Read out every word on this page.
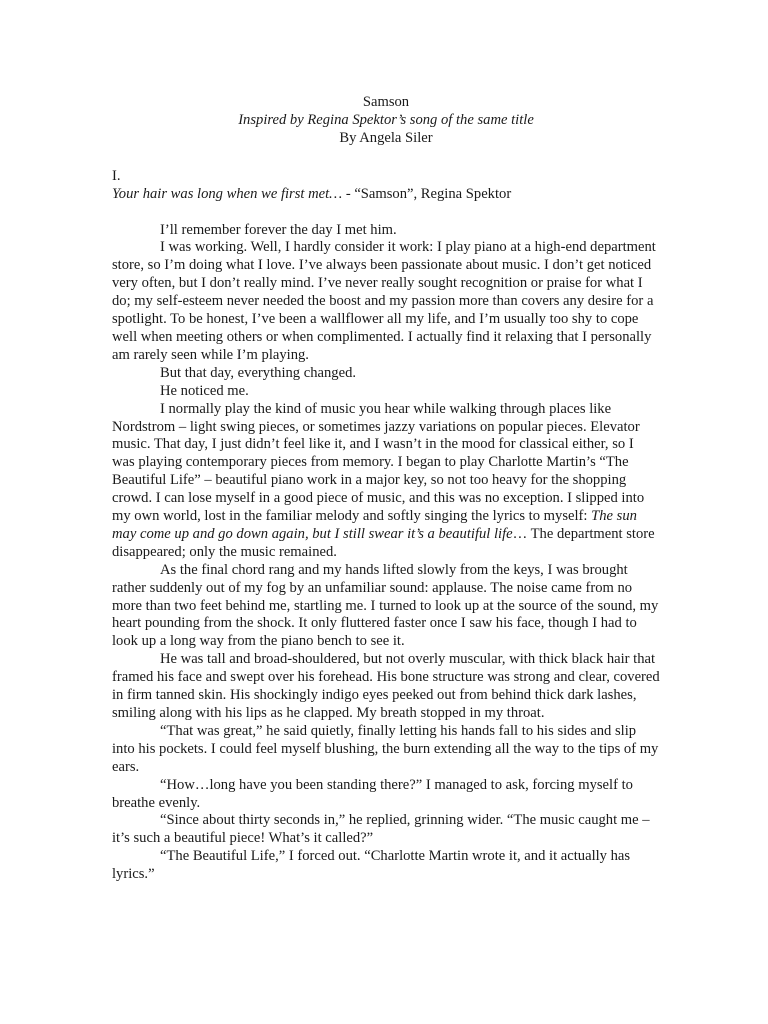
Samson
Inspired by Regina Spektor’s song of the same title
By Angela Siler
I.
Your hair was long when we first met… - “Samson”, Regina Spektor

I’ll remember forever the day I met him.

I was working. Well, I hardly consider it work: I play piano at a high-end department store, so I’m doing what I love. I’ve always been passionate about music. I don’t get noticed very often, but I don’t really mind. I’ve never really sought recognition or praise for what I do; my self-esteem never needed the boost and my passion more than covers any desire for a spotlight. To be honest, I’ve been a wallflower all my life, and I’m usually too shy to cope well when meeting others or when complimented. I actually find it relaxing that I personally am rarely seen while I’m playing.

But that day, everything changed.

He noticed me.

I normally play the kind of music you hear while walking through places like Nordstrom – light swing pieces, or sometimes jazzy variations on popular pieces. Elevator music. That day, I just didn’t feel like it, and I wasn’t in the mood for classical either, so I was playing contemporary pieces from memory. I began to play Charlotte Martin’s “The Beautiful Life” – beautiful piano work in a major key, so not too heavy for the shopping crowd. I can lose myself in a good piece of music, and this was no exception. I slipped into my own world, lost in the familiar melody and softly singing the lyrics to myself: The sun may come up and go down again, but I still swear it’s a beautiful life… The department store disappeared; only the music remained.

As the final chord rang and my hands lifted slowly from the keys, I was brought rather suddenly out of my fog by an unfamiliar sound: applause. The noise came from no more than two feet behind me, startling me. I turned to look up at the source of the sound, my heart pounding from the shock. It only fluttered faster once I saw his face, though I had to look up a long way from the piano bench to see it.

He was tall and broad-shouldered, but not overly muscular, with thick black hair that framed his face and swept over his forehead. His bone structure was strong and clear, covered in firm tanned skin. His shockingly indigo eyes peeked out from behind thick dark lashes, smiling along with his lips as he clapped. My breath stopped in my throat.

“That was great,” he said quietly, finally letting his hands fall to his sides and slip into his pockets. I could feel myself blushing, the burn extending all the way to the tips of my ears.

“How…long have you been standing there?” I managed to ask, forcing myself to breathe evenly.

“Since about thirty seconds in,” he replied, grinning wider. “The music caught me – it’s such a beautiful piece! What’s it called?”

“The Beautiful Life,” I forced out. “Charlotte Martin wrote it, and it actually has lyrics.”
